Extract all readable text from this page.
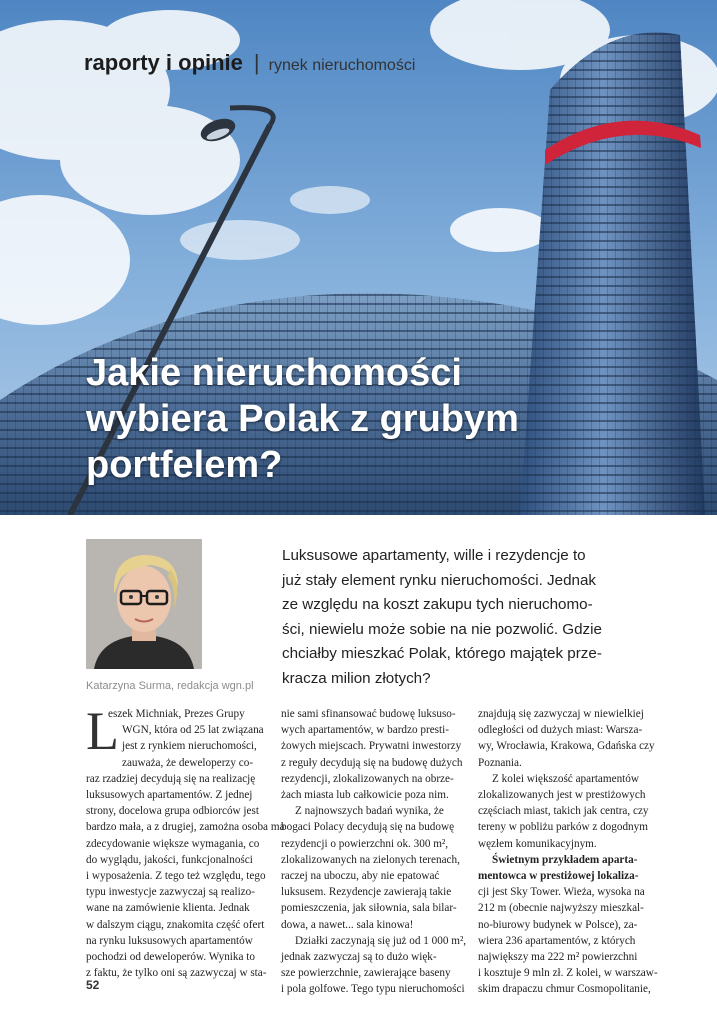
raporty i opinie | rynek nieruchomości
Jakie nieruchomości
wybiera Polak z grubym
portfelem?
Katarzyna Surma, redakcja wgn.pl

Luksusowe apartamenty, wille i rezydencje to
już stały element rynku nieruchomości. Jednak
ze względu na koszt zakupu tych nieruchomo-
ści, niewielu może sobie na nie pozwolić. Gdzie
chciałby mieszkać Polak, którego majątek prze-
kracza milion złotych?

L
eszek Michniak, Prezes Grupy
WGN, która od 25 lat związana
jest z rynkiem nieruchomości,
zauważa, że deweloperzy co-
raz rzadziej decydują się na realizację
luksusowych apartamentów. Z jednej
strony, docelowa grupa odbiorców jest
bardzo mała, a z drugiej, zamożna osoba ma
zdecydowanie większe wymagania, co
do wyglądu, jakości, funkcjonalności
i wyposażenia. Z tego też względu, tego
typu inwestycje zazwyczaj są realizo-
wane na zamówienie klienta. Jednak
w dalszym ciągu, znakomita część ofert
na rynku luksusowych apartamentów
pochodzi od deweloperów. Wynika to
z faktu, że tylko oni są zazwyczaj w sta-
nie sami sfinansować budowę luksuso-
wych apartamentów, w bardzo presti-
żowych miejscach. Prywatni inwestorzy
z reguły decydują się na budowę dużych
rezydencji, zlokalizowanych na obrze-
żach miasta lub całkowicie poza nim.
Z najnowszych badań wynika, że
bogaci Polacy decydują się na budowę
rezydencji o powierzchni ok. 300 m²,
zlokalizowanych na zielonych terenach,
raczej na uboczu, aby nie epatować
luksusem. Rezydencje zawierają takie
pomieszczenia, jak siłownia, sala bilar-
dowa, a nawet... sala kinowa!
Działki zaczynają się już od 1 000 m²,
jednak zazwyczaj są to dużo więk-
sze powierzchnie, zawierające baseny
i pola golfowe. Tego typu nieruchomości
znajdują się zazwyczaj w niewielkiej
odległości od dużych miast: Warsza-
wy, Wrocławia, Krakowa, Gdańska czy
Poznania.
Z kolei większość apartamentów
zlokalizowanych jest w prestiżowych
częściach miast, takich jak centra, czy
tereny w pobliżu parków z dogodnym
węzłem komunikacyjnym.
Świetnym przykładem aparta-
mentowca w prestiżowej lokaliza-
cji jest Sky Tower. Wieża, wysoka na
212 m (obecnie najwyższy mieszkal-
no-biurowy budynek w Polsce), za-
wiera 236 apartamentów, z których
największy ma 222 m² powierzchni
i kosztuje 9 mln zł. Z kolei, w warszaw-
skim drapaczu chmur Cosmopolitanie,
52
